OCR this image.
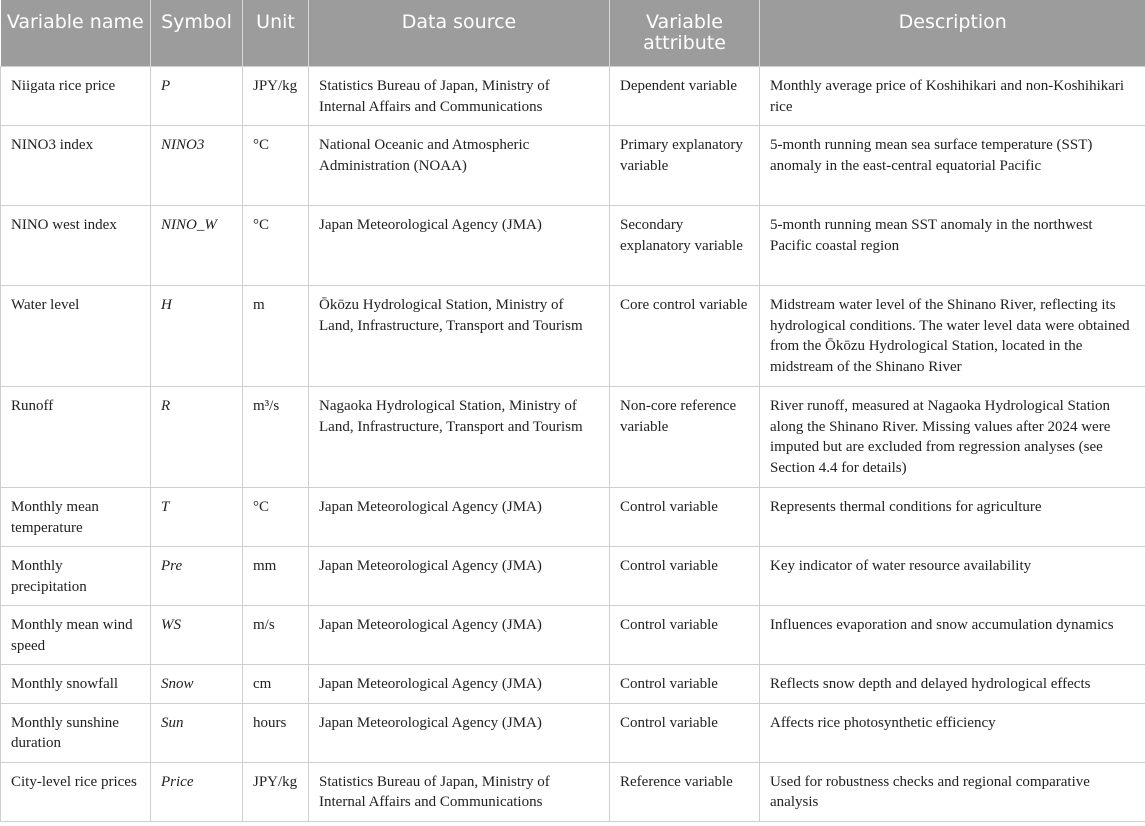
Variable name	Symbol	Unit	Data source	Variable attribute	Description
Niigata rice price	P	JPY/kg	Statistics Bureau of Japan, Ministry of Internal Affairs and Communications	Dependent variable	Monthly average price of Koshihikari and non-Koshihikari rice
NINO3 index	NINO3	°C	National Oceanic and Atmospheric Administration (NOAA)	Primary explanatory variable	5-month running mean sea surface temperature (SST) anomaly in the east-central equatorial Pacific
NINO west index	NINO_W	°C	Japan Meteorological Agency (JMA)	Secondary explanatory variable	5-month running mean SST anomaly in the northwest Pacific coastal region
Water level	H	m	Ōkōzu Hydrological Station, Ministry of Land, Infrastructure, Transport and Tourism	Core control variable	Midstream water level of the Shinano River, reflecting its hydrological conditions. The water level data were obtained from the Ōkōzu Hydrological Station, located in the midstream of the Shinano River
Runoff	R	m³/s	Nagaoka Hydrological Station, Ministry of Land, Infrastructure, Transport and Tourism	Non-core reference variable	River runoff, measured at Nagaoka Hydrological Station along the Shinano River. Missing values after 2024 were imputed but are excluded from regression analyses (see Section 4.4 for details)
Monthly mean temperature	T	°C	Japan Meteorological Agency (JMA)	Control variable	Represents thermal conditions for agriculture
Monthly precipitation	Pre	mm	Japan Meteorological Agency (JMA)	Control variable	Key indicator of water resource availability
Monthly mean wind speed	WS	m/s	Japan Meteorological Agency (JMA)	Control variable	Influences evaporation and snow accumulation dynamics
Monthly snowfall	Snow	cm	Japan Meteorological Agency (JMA)	Control variable	Reflects snow depth and delayed hydrological effects
Monthly sunshine duration	Sun	hours	Japan Meteorological Agency (JMA)	Control variable	Affects rice photosynthetic efficiency
City-level rice prices	Price	JPY/kg	Statistics Bureau of Japan, Ministry of Internal Affairs and Communications	Reference variable	Used for robustness checks and regional comparative analysis
